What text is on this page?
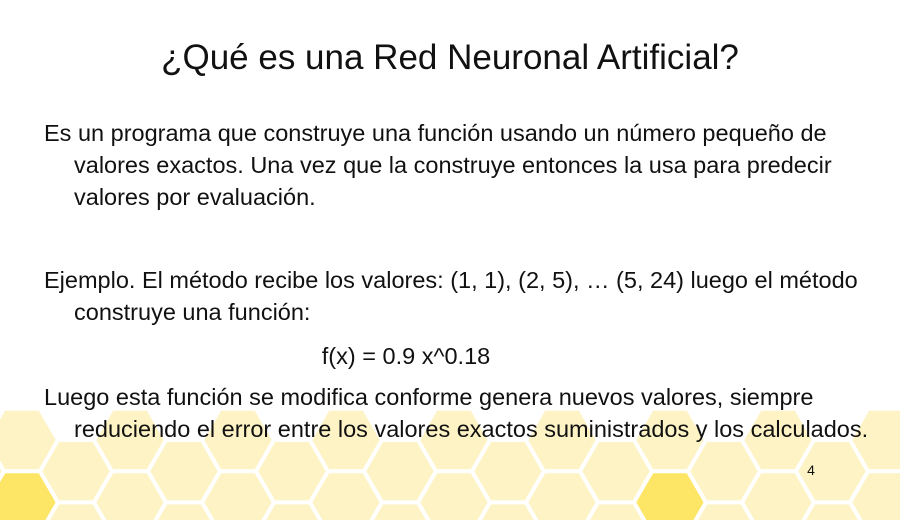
¿Qué es una Red Neuronal Artificial?
Es un programa que construye una función usando un número pequeño de valores exactos. Una vez que la construye entonces la usa para predecir valores por evaluación.
Ejemplo. El método recibe los valores: (1, 1), (2, 5), … (5, 24) luego el método construye una función:
f(x) = 0.9 x^0.18
Luego esta función se modifica conforme genera nuevos valores, siempre reduciendo el error entre los valores exactos suministrados y los calculados.
4
